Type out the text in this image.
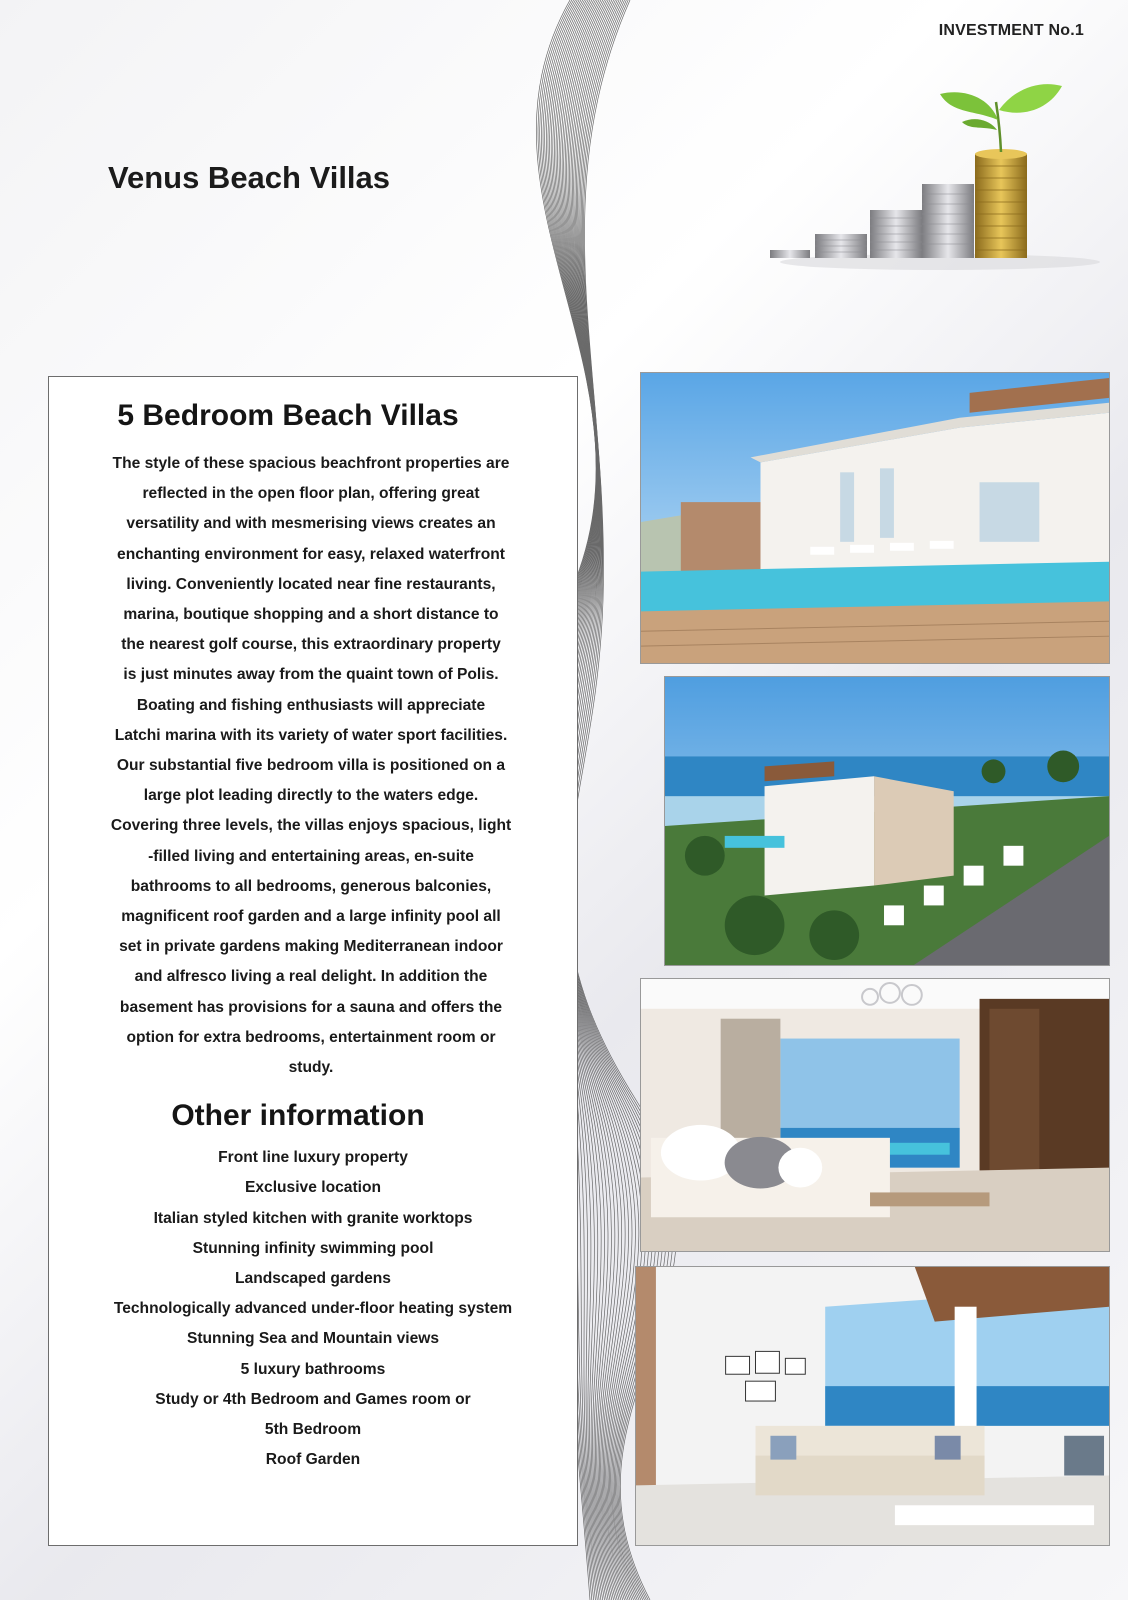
INVESTMENT No.1
Venus Beach Villas
5 Bedroom Beach Villas
The style of these spacious beachfront properties are
reflected in the open floor plan, offering great
versatility and with mesmerising views creates an
enchanting environment for easy, relaxed waterfront
living. Conveniently located near fine restaurants,
marina, boutique shopping and a short distance to
the nearest golf course, this extraordinary property
is just minutes away from the quaint town of Polis.
Boating and fishing enthusiasts will appreciate
Latchi marina with its variety of water sport facilities.
Our substantial five bedroom villa is positioned on a
large plot leading directly to the waters edge.
Covering three levels, the villas enjoys spacious, light
-filled living and entertaining areas, en-suite
bathrooms to all bedrooms, generous balconies,
magnificent roof garden and a large infinity pool all
set in private gardens making Mediterranean indoor
and alfresco living a real delight. In addition the
basement has provisions for a sauna and offers the
option for extra bedrooms, entertainment room or
study.
Other information
Front line luxury property
Exclusive location
Italian styled kitchen with granite worktops
Stunning infinity swimming pool
Landscaped gardens
Technologically advanced under-floor heating system
Stunning Sea and Mountain views
5 luxury bathrooms
Study or 4th Bedroom and Games room or
5th Bedroom
Roof Garden
